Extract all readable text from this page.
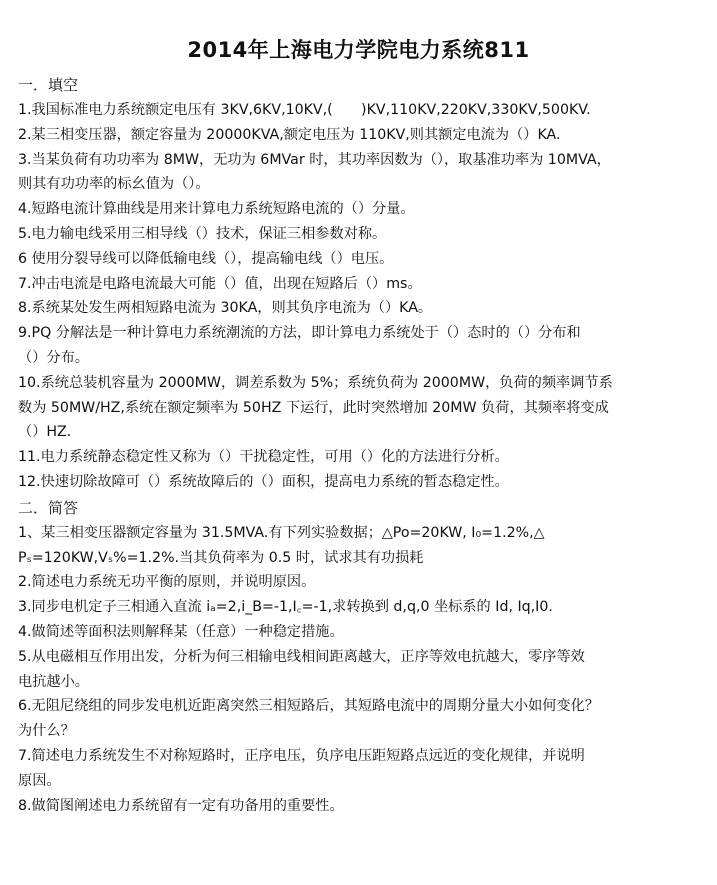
2014年上海电力学院电力系统811
一．填空
1.我国标准电力系统额定电压有 3KV,6KV,10KV,(　　)KV,110KV,220KV,330KV,500KV.
2.某三相变压器，额定容量为 20000KVA,额定电压为 110KV,则其额定电流为（）KA.
3.当某负荷有功功率为 8MW，无功为 6MVar 时，其功率因数为（），取基准功率为 10MVA，
则其有功功率的标幺值为（）。
4.短路电流计算曲线是用来计算电力系统短路电流的（）分量。
5.电力输电线采用三相导线（）技术，保证三相参数对称。
6 使用分裂导线可以降低输电线（），提高输电线（）电压。
7.冲击电流是电路电流最大可能（）值，出现在短路后（）ms。
8.系统某处发生两相短路电流为 30KA，则其负序电流为（）KA。
9.PQ 分解法是一种计算电力系统潮流的方法，即计算电力系统处于（）态时的（）分布和
（）分布。
10.系统总装机容量为 2000MW，调差系数为 5%；系统负荷为 2000MW，负荷的频率调节系
数为 50MW/HZ,系统在额定频率为 50HZ 下运行，此时突然增加 20MW 负荷，其频率将变成
（）HZ.
11.电力系统静态稳定性又称为（）干扰稳定性，可用（）化的方法进行分析。
12.快速切除故障可（）系统故障后的（）面积，提高电力系统的暂态稳定性。
二．简答
1、某三相变压器额定容量为 31.5MVA.有下列实验数据；△Po=20KW, I₀=1.2%,△
Pₛ=120KW,Vₛ%=1.2%.当其负荷率为 0.5 时，试求其有功损耗
2.简述电力系统无功平衡的原则，并说明原因。
3.同步电机定子三相通入直流 iₐ=2,i_B=-1,I꜀=-1,求转换到 d,q,0 坐标系的 Id, Iq,I0.
4.做简述等面积法则解释某（任意）一种稳定措施。
5.从电磁相互作用出发，分析为何三相输电线相间距离越大，正序等效电抗越大，零序等效
电抗越小。
6.无阻尼绕组的同步发电机近距离突然三相短路后，其短路电流中的周期分量大小如何变化？
为什么？
7.简述电力系统发生不对称短路时，正序电压，负序电压距短路点远近的变化规律，并说明
原因。
8.做简图阐述电力系统留有一定有功备用的重要性。
